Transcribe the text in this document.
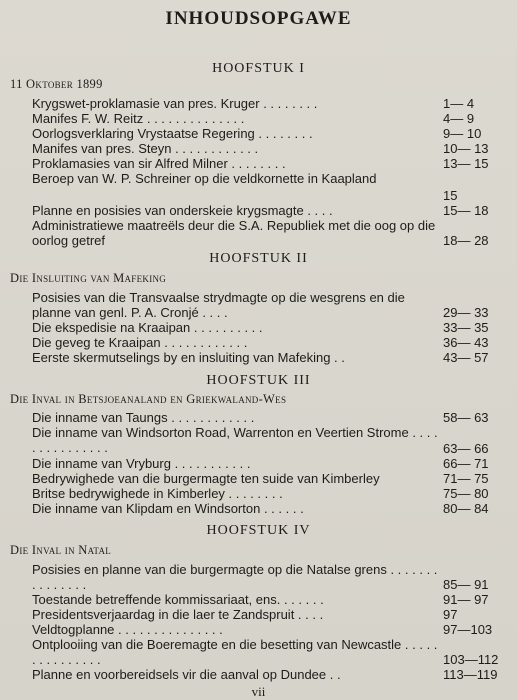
INHOUDSOPGAWE
HOOFSTUK I
11 Oktober 1899
Krygswet-proklamasie van pres. Kruger . . . . . . . .	1— 4
Manifes F. W. Reitz . . . . . . . . . . . . . .	4— 9
Oorlogsverklaring Vrystaatse Regering . . . . . . . .	9— 10
Manifes van pres. Steyn . . . . . . . . . . . .	10— 13
Proklamasies van sir Alfred Milner . . . . . . . .	13— 15
Beroep van W. P. Schreiner op die veldkornette in Kaapland
15
Planne en posisies van onderskeie krygsmagte . . . .	15— 18
Administratiewe maatreëls deur die S.A. Republiek met die oog op die oorlog getref	18— 28
HOOFSTUK II
Die Insluiting van Mafeking
Posisies van die Transvaalse strydmagte op die wesgrens en die planne van genl. P. A. Cronjé . . . .	29— 33
Die ekspedisie na Kraaipan . . . . . . . . . .	33— 35
Die geveg te Kraaipan . . . . . . . . . . . .	36— 43
Eerste skermutselings by en insluiting van Mafeking . .	43— 57
HOOFSTUK III
Die Inval in Betsjoeanaland en Griekwaland-Wes
Die inname van Taungs . . . . . . . . . . . .	58— 63
Die inname van Windsorton Road, Warrenton en Veertien Strome . . . . . . . . . . . . . . .	63— 66
Die inname van Vryburg . . . . . . . . . . .	66— 71
Bedrywighede van die burgermagte ten suide van Kimberley	71— 75
Britse bedrywighede in Kimberley . . . . . . . .	75— 80
Die inname van Klipdam en Windsorton . . . . . .	80— 84
HOOFSTUK IV
Die Inval in Natal
Posisies en planne van die burgermagte op die Natalse grens . . . . . . . . . . . . . . .	85— 91
Toestande betreffende kommissariaat, ens. . . . . . .	91— 97
Presidentsverjaardag in die laer te Zandspruit . . . .	97
Veldtogplanne . . . . . . . . . . . . . . .	97—103
Ontplooiing van die Boeremagte en die besetting van Newcastle . . . . . . . . . . . . . . .	103—112
Planne en voorbereidsels vir die aanval op Dundee . .	113—119
vii
